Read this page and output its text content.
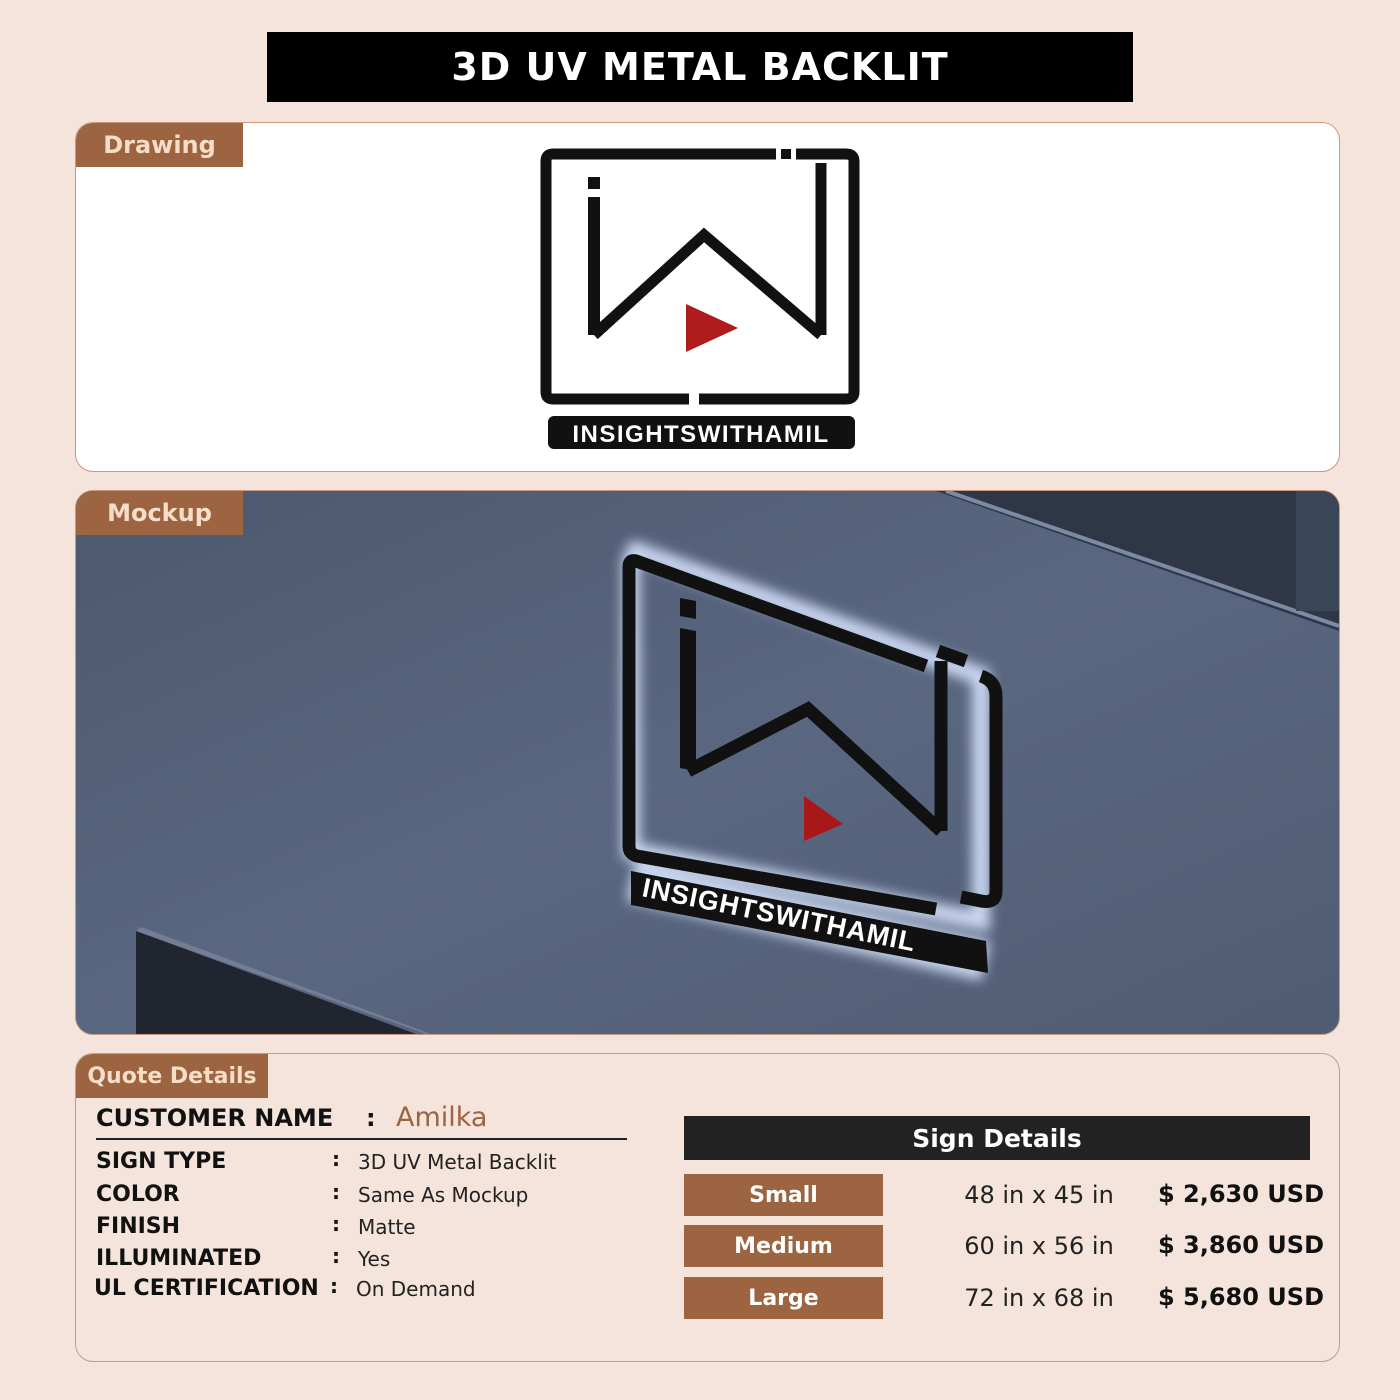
3D UV METAL BACKLIT
Drawing
INSIGHTSWITHAMIL
Mockup
INSIGHTSWITHAMIL
Quote Details
CUSTOMER NAME : Amilka
SIGN TYPE	: 3D UV Metal Backlit
COLOR	: Same As Mockup
FINISH	: Matte
ILLUMINATED	: Yes
UL CERTIFICATION : On Demand
Sign Details
Small	48 in x 45 in	$ 2,630 USD
Medium	60 in x 56 in	$ 3,860 USD
Large	72 in x 68 in	$ 5,680 USD
